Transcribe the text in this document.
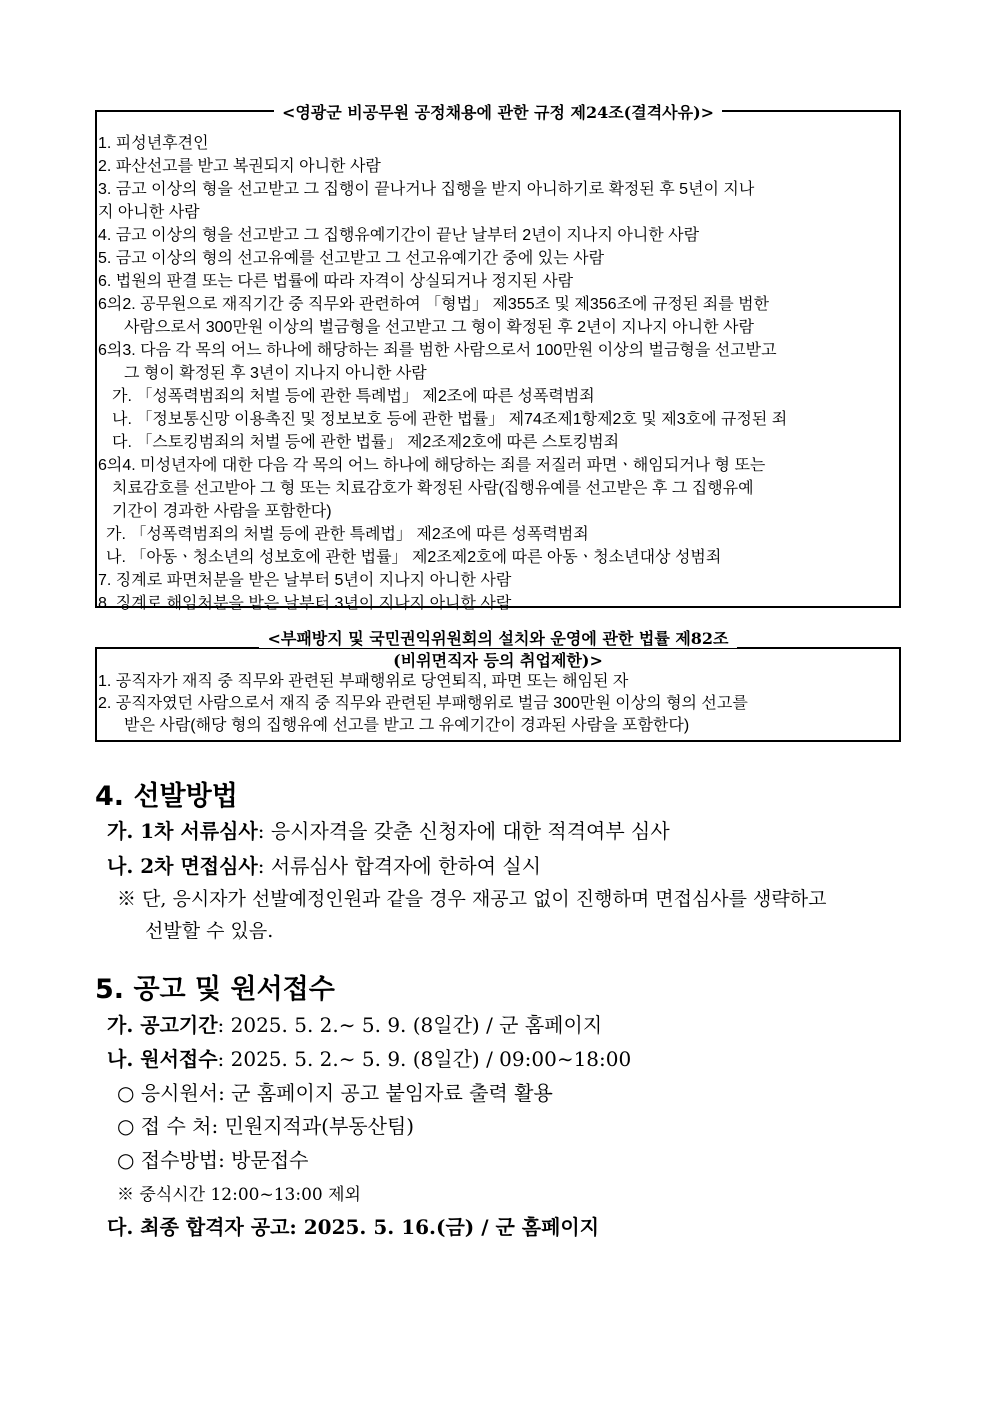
<영광군 비공무원 공정채용에 관한 규정 제24조(결격사유)>
1. 피성년후견인
2. 파산선고를 받고 복권되지 아니한 사람
3. 금고 이상의 형을 선고받고 그 집행이 끝나거나 집행을 받지 아니하기로 확정된 후 5년이 지나
지 아니한 사람
4. 금고 이상의 형을 선고받고 그 집행유예기간이 끝난 날부터 2년이 지나지 아니한 사람
5. 금고 이상의 형의 선고유예를 선고받고 그 선고유예기간 중에 있는 사람
6. 법원의 판결 또는 다른 법률에 따라 자격이 상실되거나 정지된 사람
6의2. 공무원으로 재직기간 중 직무와 관련하여 「형법」 제355조 및 제356조에 규정된 죄를 범한
사람으로서 300만원 이상의 벌금형을 선고받고 그 형이 확정된 후 2년이 지나지 아니한 사람
6의3. 다음 각 목의 어느 하나에 해당하는 죄를 범한 사람으로서 100만원 이상의 벌금형을 선고받고
그 형이 확정된 후 3년이 지나지 아니한 사람
가. 「성폭력범죄의 처벌 등에 관한 특례법」 제2조에 따른 성폭력범죄
나. 「정보통신망 이용촉진 및 정보보호 등에 관한 법률」 제74조제1항제2호 및 제3호에 규정된 죄
다. 「스토킹범죄의 처벌 등에 관한 법률」 제2조제2호에 따른 스토킹범죄
6의4. 미성년자에 대한 다음 각 목의 어느 하나에 해당하는 죄를 저질러 파면ㆍ해임되거나 형 또는
치료감호를 선고받아 그 형 또는 치료감호가 확정된 사람(집행유예를 선고받은 후 그 집행유예
기간이 경과한 사람을 포함한다)
가. 「성폭력범죄의 처벌 등에 관한 특례법」 제2조에 따른 성폭력범죄
나. 「아동ㆍ청소년의 성보호에 관한 법률」 제2조제2호에 따른 아동ㆍ청소년대상 성범죄
7. 징계로 파면처분을 받은 날부터 5년이 지나지 아니한 사람
8. 징계로 해임처분을 받은 날부터 3년이 지나지 아니한 사람
<부패방지 및 국민권익위원회의 설치와 운영에 관한 법률 제82조
(비위면직자 등의 취업제한)>
1. 공직자가 재직 중 직무와 관련된 부패행위로 당연퇴직, 파면 또는 해임된 자
2. 공직자였던 사람으로서 재직 중 직무와 관련된 부패행위로 벌금 300만원 이상의 형의 선고를
받은 사람(해당 형의 집행유예 선고를 받고 그 유예기간이 경과된 사람을 포함한다)
4. 선발방법
가. 1차 서류심사: 응시자격을 갖춘 신청자에 대한 적격여부 심사
나. 2차 면접심사: 서류심사 합격자에 한하여 실시
※ 단, 응시자가 선발예정인원과 같을 경우 재공고 없이 진행하며 면접심사를 생략하고
선발할 수 있음.
5. 공고 및 원서접수
가. 공고기간: 2025. 5. 2.∼ 5. 9. (8일간) / 군 홈페이지
나. 원서접수: 2025. 5. 2.∼ 5. 9. (8일간) / 09:00∼18:00
○ 응시원서: 군 홈페이지 공고 붙임자료 출력 활용
○ 접 수 처: 민원지적과(부동산팀)
○ 접수방법: 방문접수
※ 중식시간 12:00~13:00 제외
다. 최종 합격자 공고: 2025. 5. 16.(금) / 군 홈페이지
